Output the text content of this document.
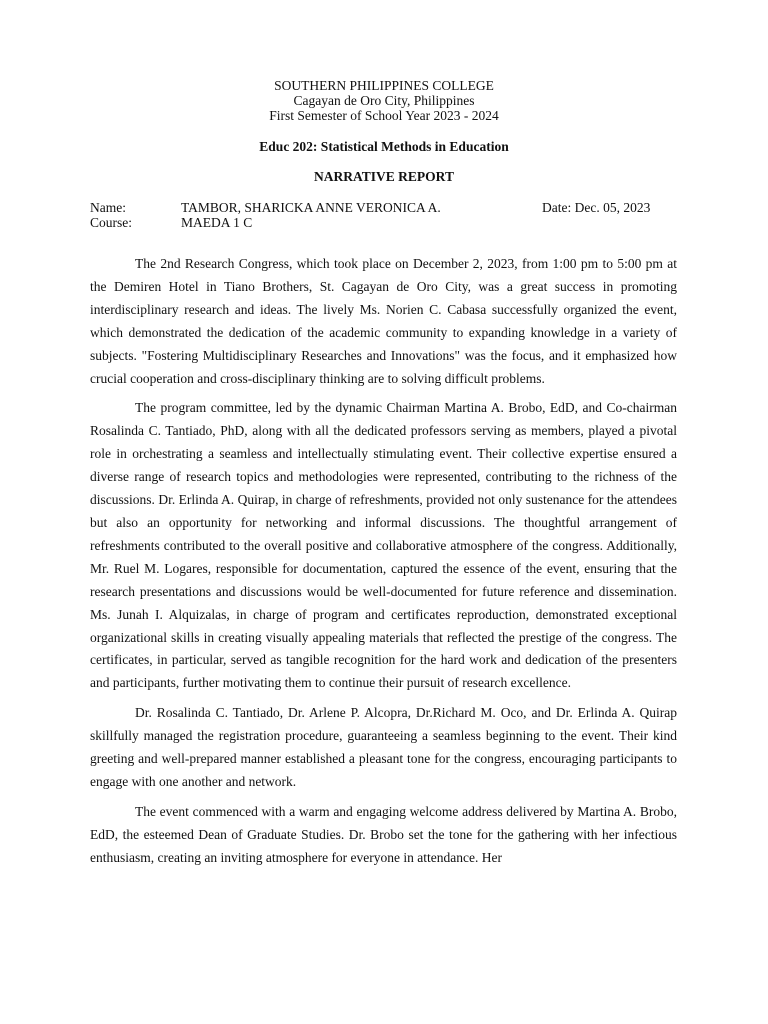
SOUTHERN PHILIPPINES COLLEGE
Cagayan de Oro City, Philippines
First Semester of School Year 2023 - 2024
Educ 202: Statistical Methods in Education
NARRATIVE REPORT
Name:	TAMBOR, SHARICKA ANNE VERONICA A.	Date: Dec. 05, 2023
Course:	MAEDA 1 C

The 2nd Research Congress, which took place on December 2, 2023, from 1:00 pm to 5:00 pm at the Demiren Hotel in Tiano Brothers, St. Cagayan de Oro City, was a great success in promoting interdisciplinary research and ideas. The lively Ms. Norien C. Cabasa successfully organized the event, which demonstrated the dedication of the academic community to expanding knowledge in a variety of subjects. "Fostering Multidisciplinary Researches and Innovations" was the focus, and it emphasized how crucial cooperation and cross-disciplinary thinking are to solving difficult problems.

The program committee, led by the dynamic Chairman Martina A. Brobo, EdD, and Co-chairman Rosalinda C. Tantiado, PhD, along with all the dedicated professors serving as members, played a pivotal role in orchestrating a seamless and intellectually stimulating event. Their collective expertise ensured a diverse range of research topics and methodologies were represented, contributing to the richness of the discussions. Dr. Erlinda A. Quirap, in charge of refreshments, provided not only sustenance for the attendees but also an opportunity for networking and informal discussions. The thoughtful arrangement of refreshments contributed to the overall positive and collaborative atmosphere of the congress. Additionally, Mr. Ruel M. Logares, responsible for documentation, captured the essence of the event, ensuring that the research presentations and discussions would be well-documented for future reference and dissemination. Ms. Junah I. Alquizalas, in charge of program and certificates reproduction, demonstrated exceptional organizational skills in creating visually appealing materials that reflected the prestige of the congress. The certificates, in particular, served as tangible recognition for the hard work and dedication of the presenters and participants, further motivating them to continue their pursuit of research excellence.

Dr. Rosalinda C. Tantiado, Dr. Arlene P. Alcopra, Dr.Richard M. Oco, and Dr. Erlinda A. Quirap skillfully managed the registration procedure, guaranteeing a seamless beginning to the event. Their kind greeting and well-prepared manner established a pleasant tone for the congress, encouraging participants to engage with one another and network.

The event commenced with a warm and engaging welcome address delivered by Martina A. Brobo, EdD, the esteemed Dean of Graduate Studies. Dr. Brobo set the tone for the gathering with her infectious enthusiasm, creating an inviting atmosphere for everyone in attendance. Her
